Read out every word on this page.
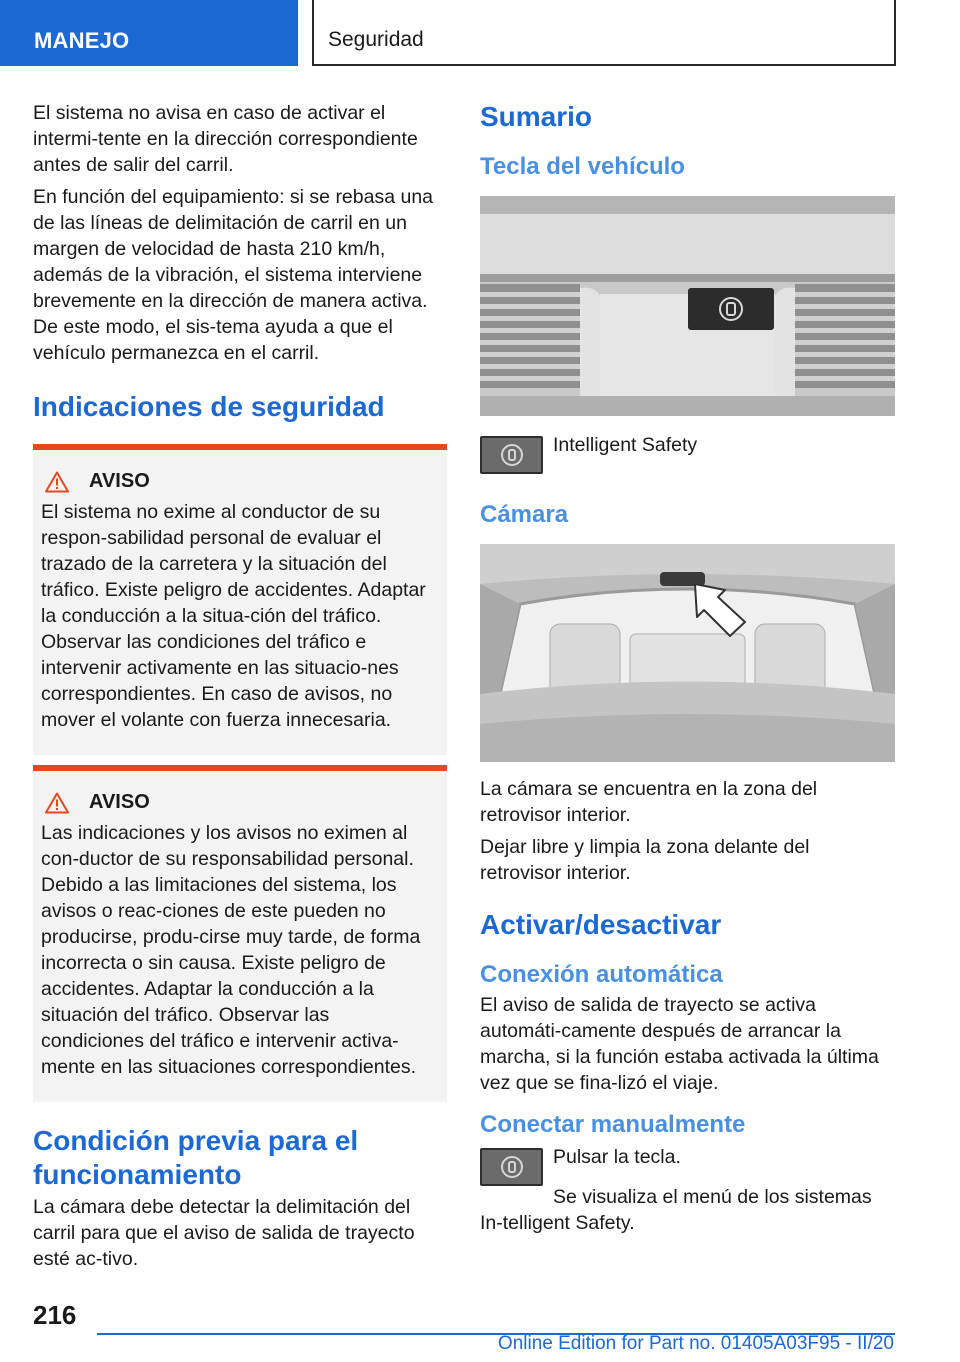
MANEJO	Seguridad

El sistema no avisa en caso de activar el intermi-tente en la dirección correspondiente antes de salir del carril.

En función del equipamiento: si se rebasa una de las líneas de delimitación de carril en un margen de velocidad de hasta 210 km/h, además de la vibración, el sistema interviene brevemente en la dirección de manera activa. De este modo, el sis-tema ayuda a que el vehículo permanezca en el carril.

Indicaciones de seguridad
AVISO

El sistema no exime al conductor de su respon-sabilidad personal de evaluar el trazado de la carretera y la situación del tráfico. Existe peligro de accidentes. Adaptar la conducción a la situa-ción del tráfico. Observar las condiciones del tráfico e intervenir activamente en las situacio-nes correspondientes. En caso de avisos, no mover el volante con fuerza innecesaria.

AVISO

Las indicaciones y los avisos no eximen al con-ductor de su responsabilidad personal. Debido a las limitaciones del sistema, los avisos o reac-ciones de este pueden no producirse, produ-cirse muy tarde, de forma incorrecta o sin causa. Existe peligro de accidentes. Adaptar la conducción a la situación del tráfico. Observar las condiciones del tráfico e intervenir activa-mente en las situaciones correspondientes.

Condición previa para el funcionamiento

La cámara debe detectar la delimitación del carril para que el aviso de salida de trayecto esté ac-tivo.

Sumario
Tecla del vehículo
Intelligent Safety
Cámara

La cámara se encuentra en la zona del retrovisor interior.

Dejar libre y limpia la zona delante del retrovisor interior.

Activar/desactivar
Conexión automática

El aviso de salida de trayecto se activa automáti-camente después de arrancar la marcha, si la función estaba activada la última vez que se fina-lizó el viaje.

Conectar manualmente

Pulsar la tecla.

Se visualiza el menú de los sistemas In-telligent Safety.

216
Online Edition for Part no. 01405A03F95 - II/20
